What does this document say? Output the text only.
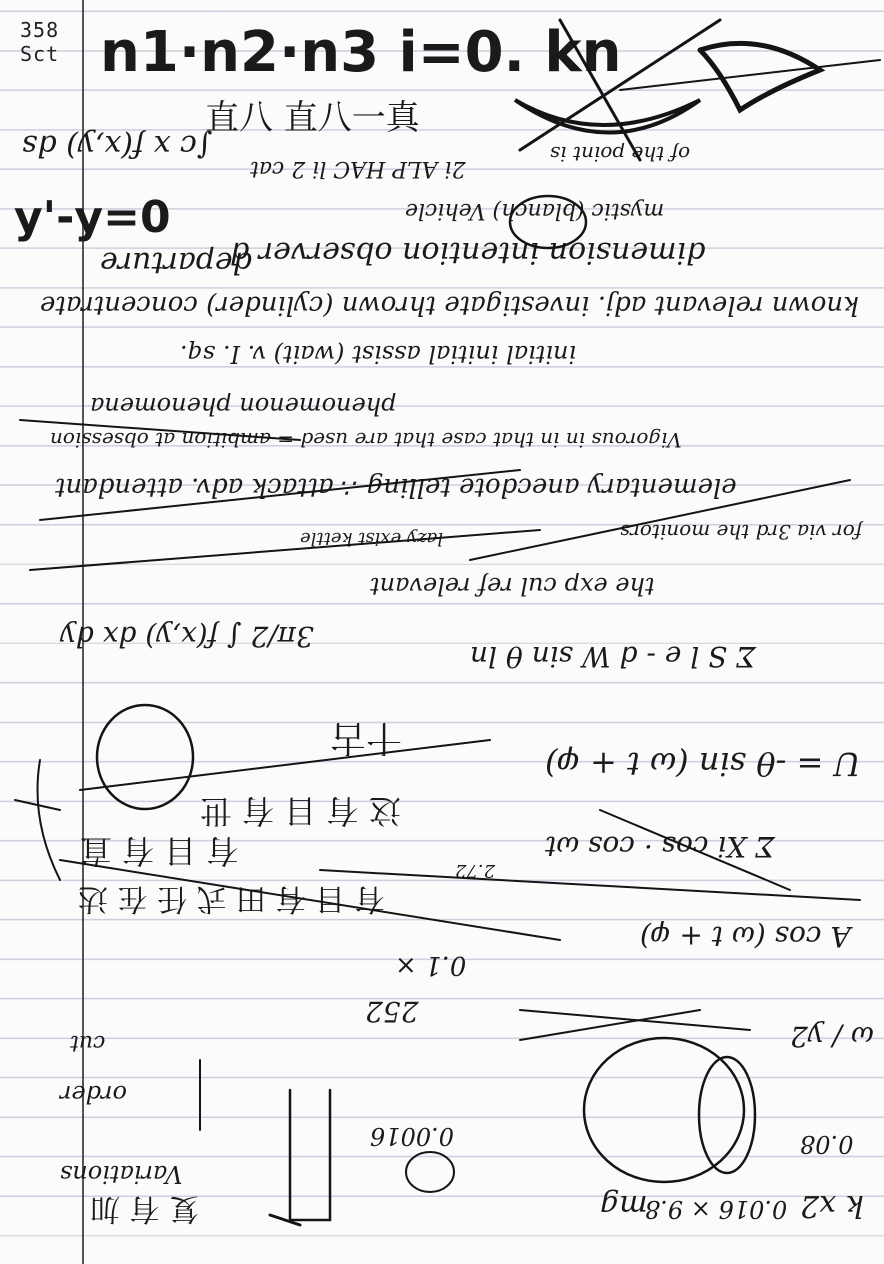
358
Sct n1·n2·n3 i=0. kn
直八 直八一真
y'-y=0
∫c x f(x,y) ds
2i ALP HAC li 2 cat
of the point is
mystic (blanch) Vehicle
dimension intention observer d
departure
known relevant adj. investigate thrown (cylinder) concentrate
initial initial assist (wait) v. I. sq.
phenomenon phenomena
Vigorous in in that case that are used = ambition at obsession
elementary anecdote telling ∴ attack adv. attendant
for via 3rd the monitors
lazy exist kettle
the exp cul ref relevant
Σ S l e - d W sin θ ln
3π/2 ∫ f(x,y) dx dy
U = -θ sin (ω t + φ)
Σ Xi cos · cos ωt
2.72
A cos (ω t + φ)
0.1 ×
252
ω / y2
0.016 × 9.8
0.08
0.0016
mg	k x2
order
Variations
cut
十古
有 目 有 直
这 有 目 有 世
有 目 有 田 式 任 在 达
复 有 加
